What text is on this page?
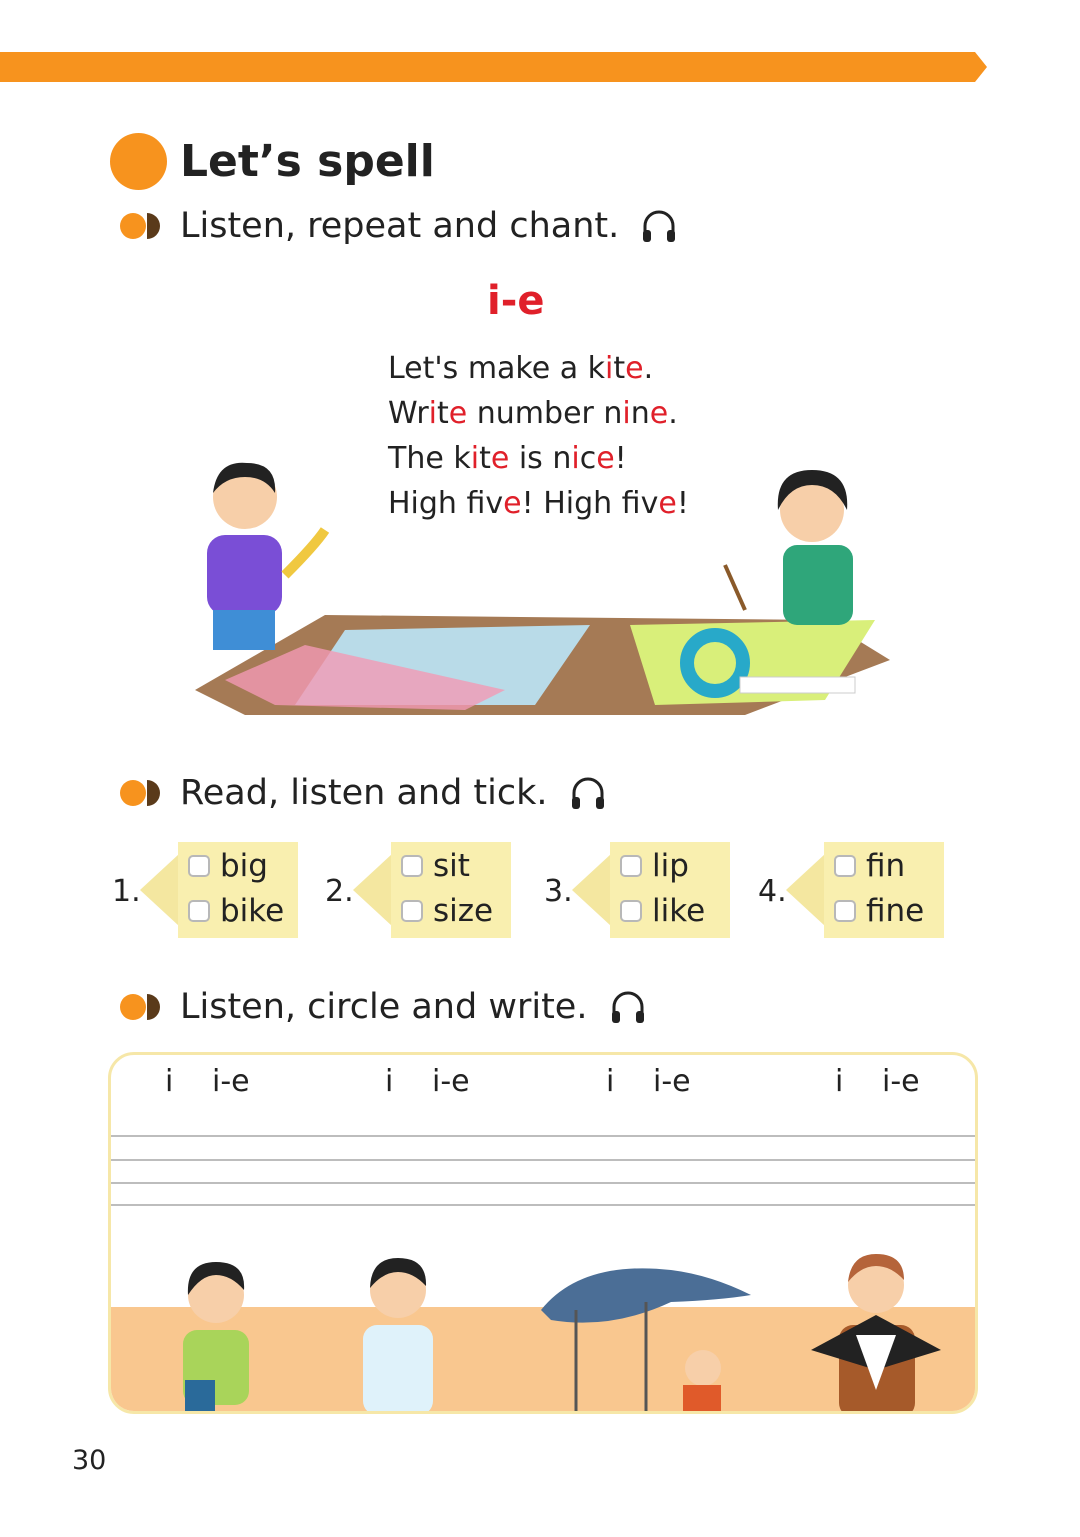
Let’s spell
Listen, repeat and chant.
i-e
Let's make a kite.
Write number nine.
The kite is nice!
High fve! High fve!
Read, listen and tick.
1.
big
bike
2.
sit
size
3.
lip
like
4.
fin
fine
Listen, circle and write.
i i-e	i i-e	i i-e	i i-e
30
